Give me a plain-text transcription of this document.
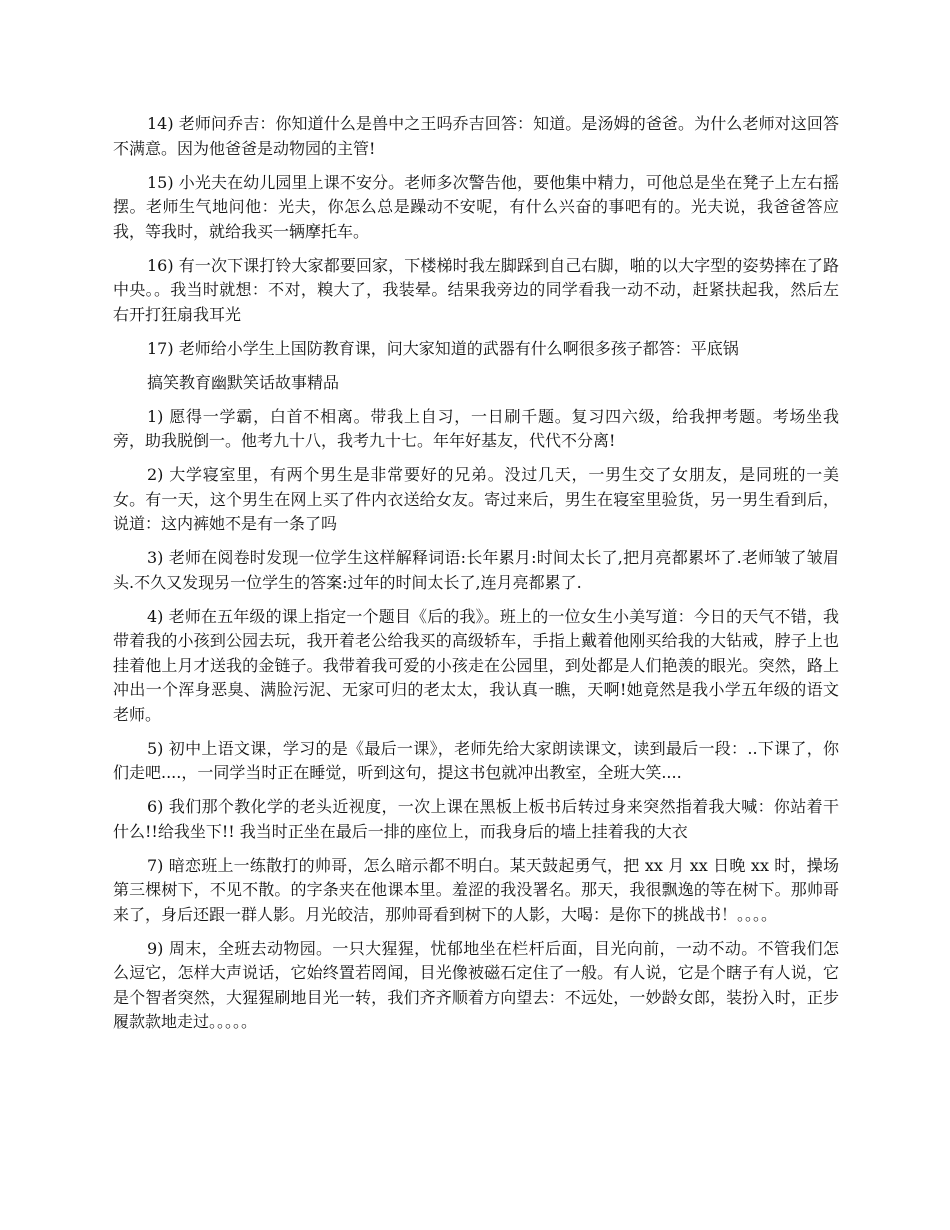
14) 老师问乔吉：你知道什么是兽中之王吗乔吉回答：知道。是汤姆的爸爸。为什么老师对这回答不满意。因为他爸爸是动物园的主管!

15) 小光夫在幼儿园里上课不安分。老师多次警告他，要他集中精力，可他总是坐在凳子上左右摇摆。老师生气地问他：光夫，你怎么总是躁动不安呢，有什么兴奋的事吧有的。光夫说，我爸爸答应我，等我时，就给我买一辆摩托车。

16) 有一次下课打铃大家都要回家，下楼梯时我左脚踩到自己右脚，啪的以大字型的姿势摔在了路中央。。我当时就想：不对，糗大了，我装晕。结果我旁边的同学看我一动不动，赶紧扶起我，然后左右开打狂扇我耳光

17) 老师给小学生上国防教育课，问大家知道的武器有什么啊很多孩子都答：平底锅

搞笑教育幽默笑话故事精品

1) 愿得一学霸，白首不相离。带我上自习，一日刷千题。复习四六级，给我押考题。考场坐我旁，助我脱倒一。他考九十八，我考九十七。年年好基友，代代不分离!

2) 大学寝室里，有两个男生是非常要好的兄弟。没过几天，一男生交了女朋友，是同班的一美女。有一天，这个男生在网上买了件内衣送给女友。寄过来后，男生在寝室里验货，另一男生看到后，说道：这内裤她不是有一条了吗

3) 老师在阅卷时发现一位学生这样解释词语:长年累月:时间太长了,把月亮都累坏了.老师皱了皱眉头.不久又发现另一位学生的答案:过年的时间太长了,连月亮都累了.

4) 老师在五年级的课上指定一个题目《后的我》。班上的一位女生小美写道：今日的天气不错，我带着我的小孩到公园去玩，我开着老公给我买的高级轿车，手指上戴着他刚买给我的大钻戒，脖子上也挂着他上月才送我的金链子。我带着我可爱的小孩走在公园里，到处都是人们艳羡的眼光。突然，路上冲出一个浑身恶臭、满脸污泥、无家可归的老太太，我认真一瞧，天啊!她竟然是我小学五年级的语文老师。

5) 初中上语文课，学习的是《最后一课》，老师先给大家朗读课文，读到最后一段：..下课了，你们走吧....，一同学当时正在睡觉，听到这句，提这书包就冲出教室，全班大笑....

6) 我们那个教化学的老头近视度，一次上课在黑板上板书后转过身来突然指着我大喊：你站着干什么!!给我坐下!! 我当时正坐在最后一排的座位上，而我身后的墙上挂着我的大衣

7) 暗恋班上一练散打的帅哥，怎么暗示都不明白。某天鼓起勇气，把 xx 月 xx 日晚 xx 时，操场第三棵树下，不见不散。的字条夹在他课本里。羞涩的我没署名。那天，我很飘逸的等在树下。那帅哥来了，身后还跟一群人影。月光皎洁，那帅哥看到树下的人影，大喝：是你下的挑战书！。。。。

9) 周末，全班去动物园。一只大猩猩，忧郁地坐在栏杆后面，目光向前，一动不动。不管我们怎么逗它，怎样大声说话，它始终置若罔闻，目光像被磁石定住了一般。有人说，它是个瞎子有人说，它是个智者突然，大猩猩刷地目光一转，我们齐齐顺着方向望去：不远处，一妙龄女郎，装扮入时，正步履款款地走过。。。。。
